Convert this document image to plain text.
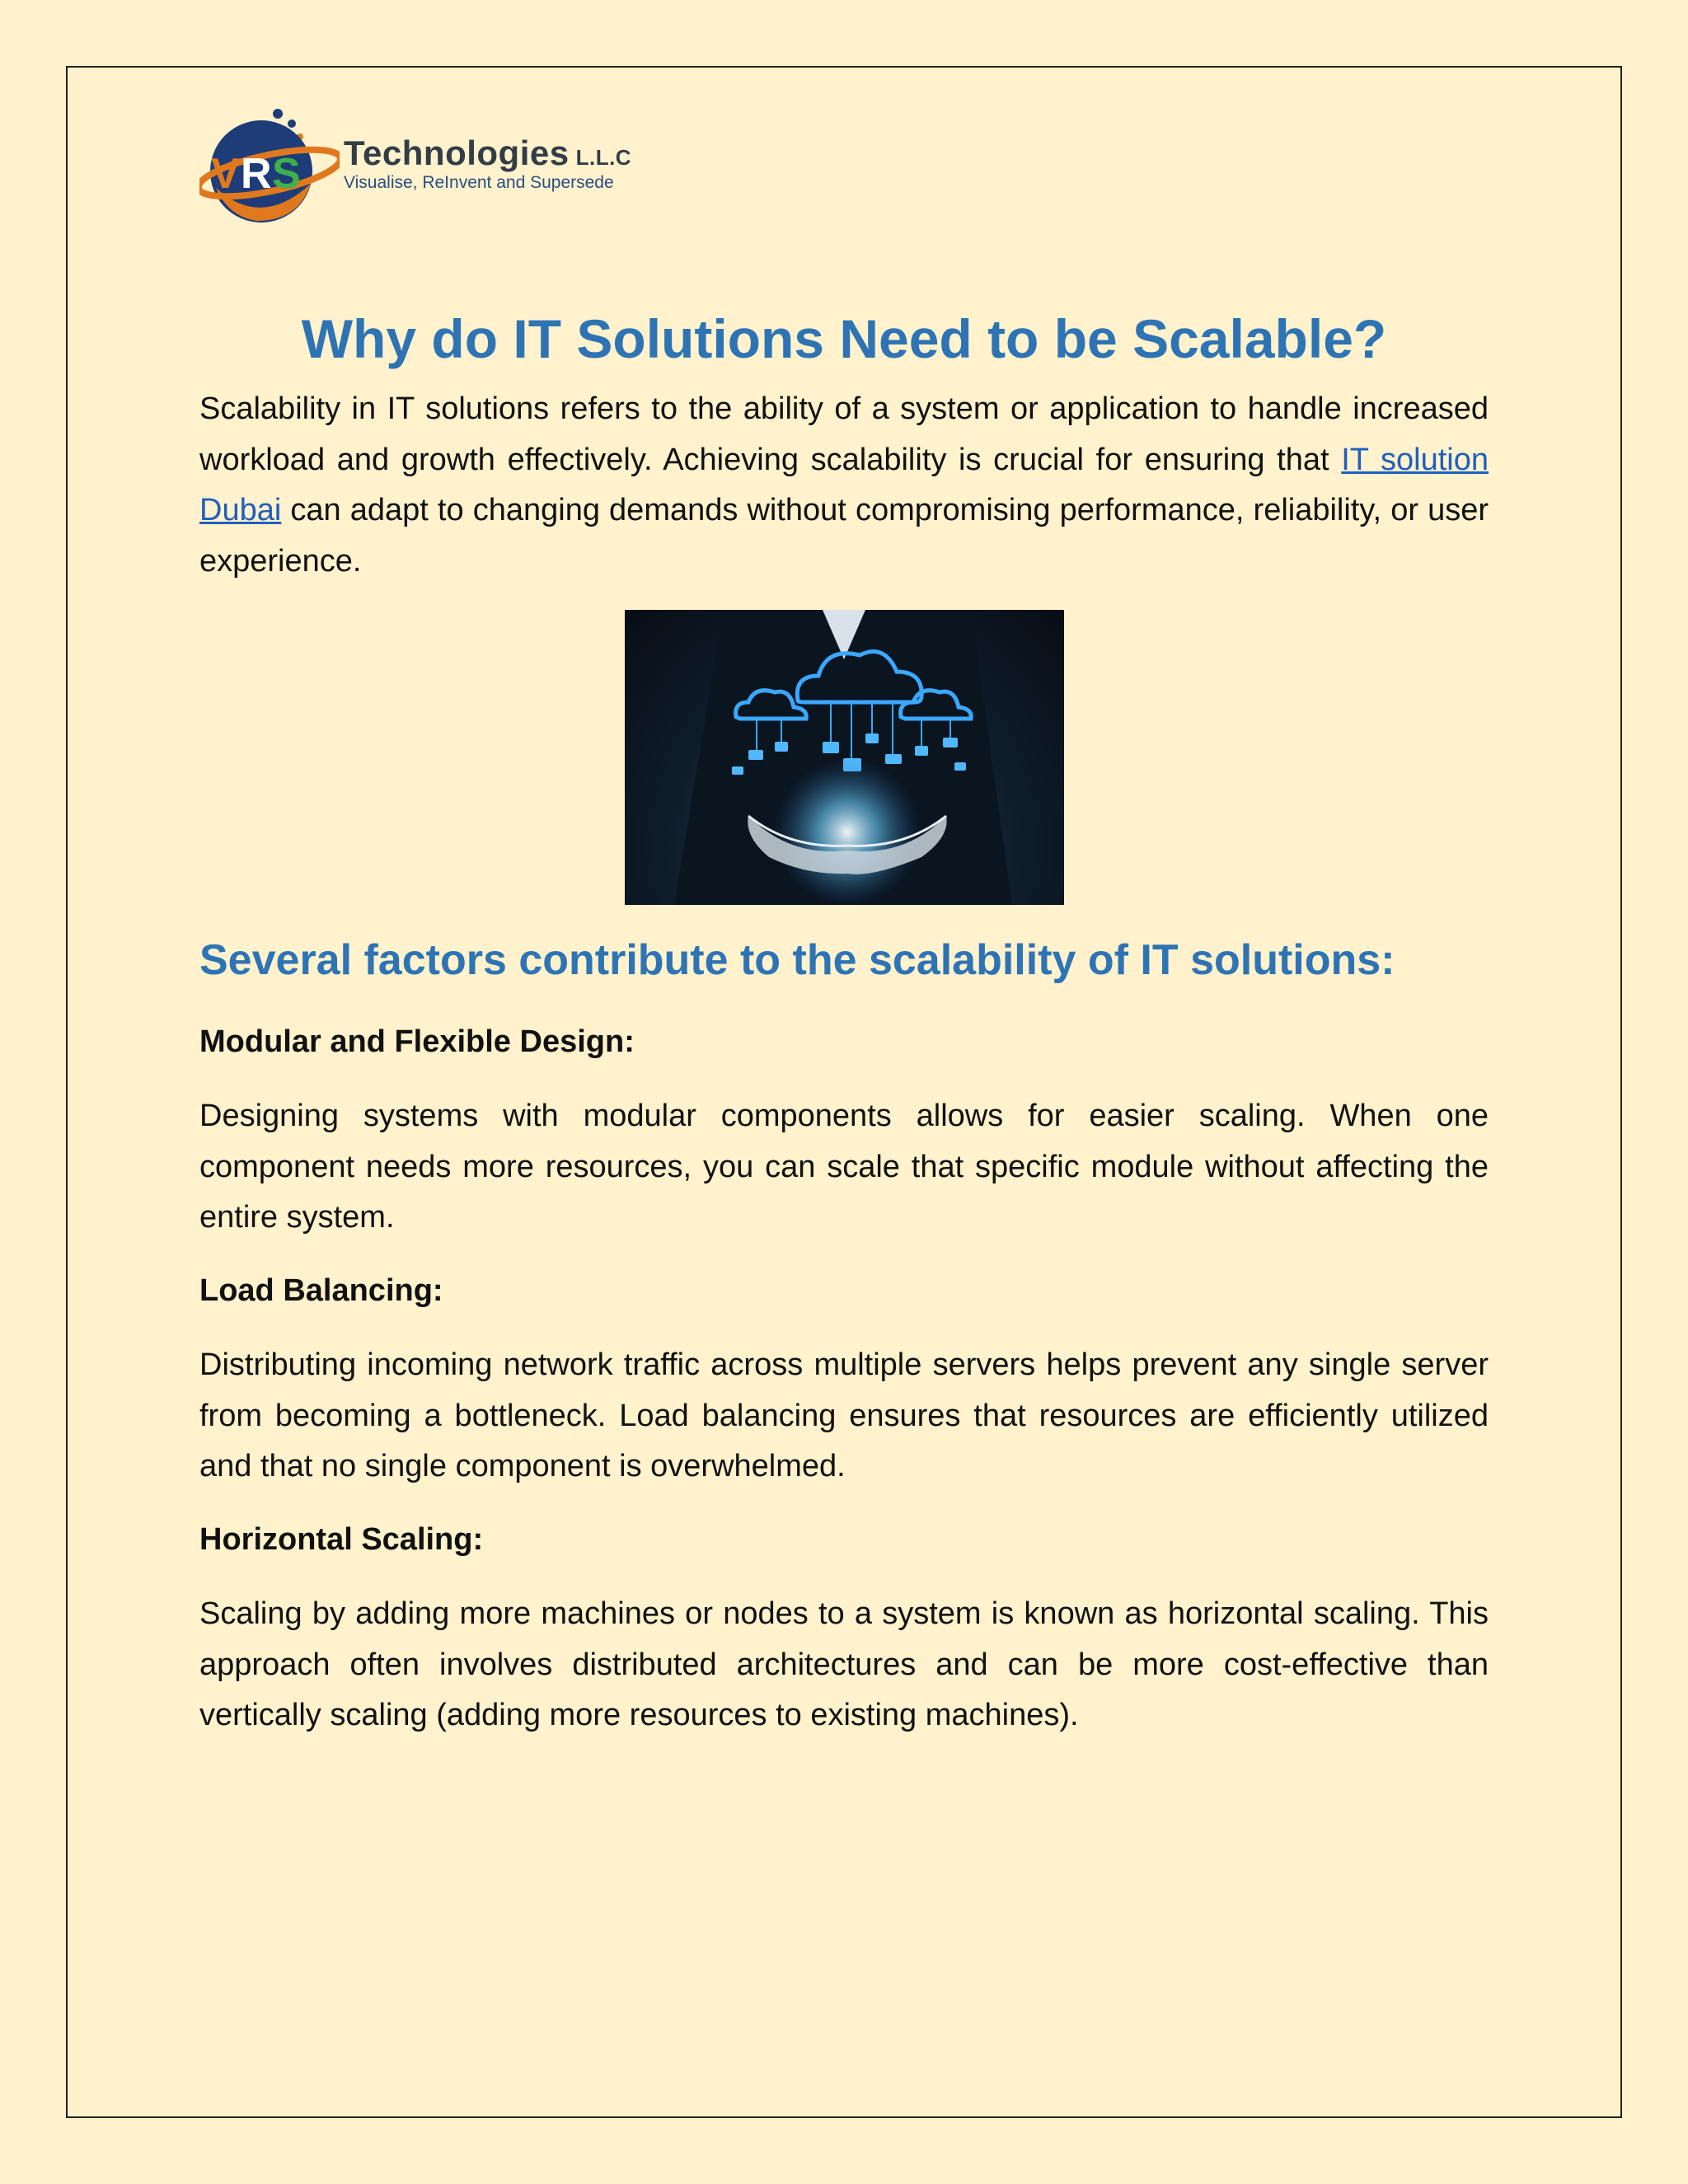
V R S Technologies L.L.C
Visualise, ReInvent and Supersede
Why do IT Solutions Need to be Scalable?

Scalability in IT solutions refers to the ability of a system or application to handle increased workload and growth effectively. Achieving scalability is crucial for ensuring that IT solution Dubai can adapt to changing demands without compromising performance, reliability, or user experience.

Several factors contribute to the scalability of IT solutions:
Modular and Flexible Design:

Designing systems with modular components allows for easier scaling. When one component needs more resources, you can scale that specific module without affecting the entire system.

Load Balancing:

Distributing incoming network traffic across multiple servers helps prevent any single server from becoming a bottleneck. Load balancing ensures that resources are efficiently utilized and that no single component is overwhelmed.

Horizontal Scaling:

Scaling by adding more machines or nodes to a system is known as horizontal scaling. This approach often involves distributed architectures and can be more cost-effective than vertically scaling (adding more resources to existing machines).
